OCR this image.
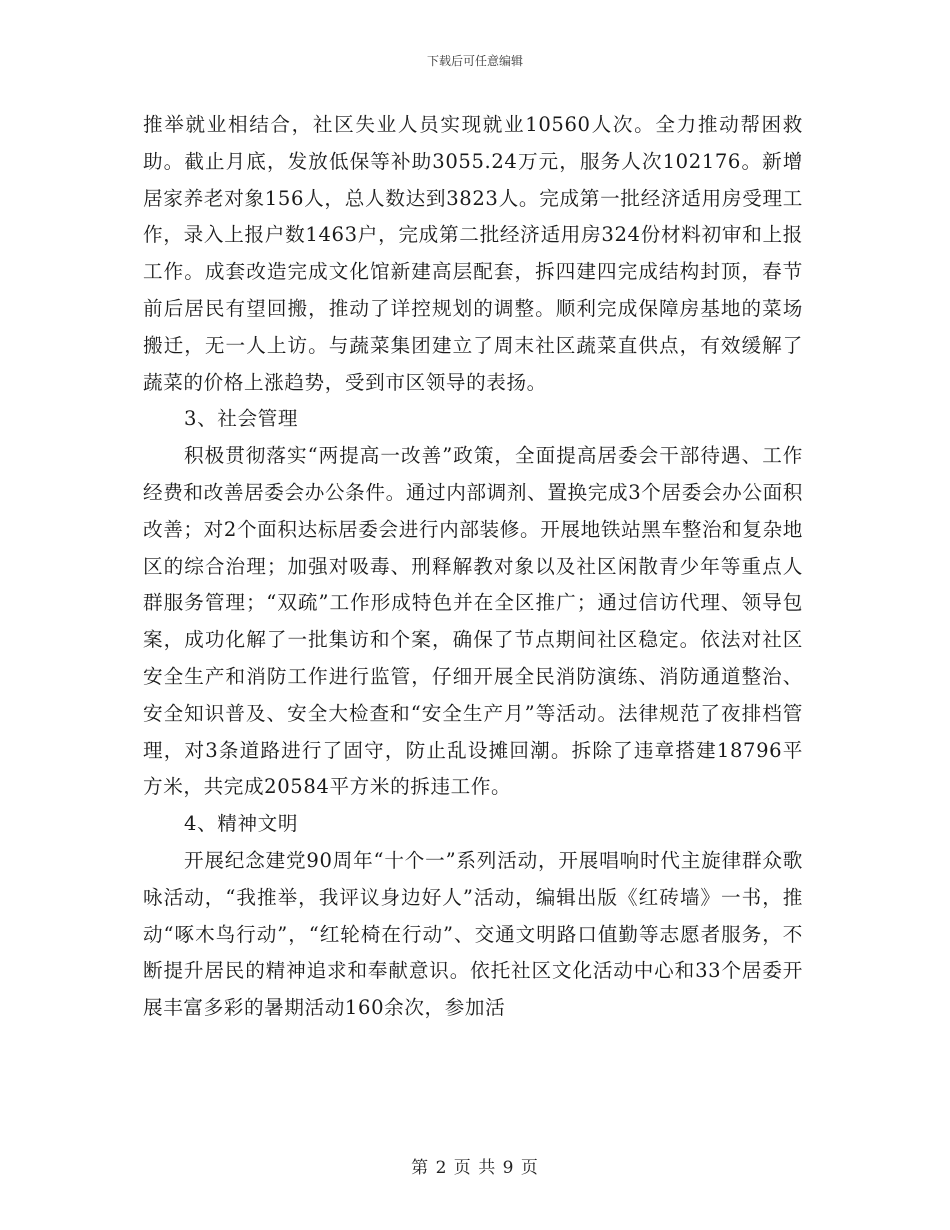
下载后可任意编辑

推举就业相结合，社区失业人员实现就业10560人次。全力推动帮困救助。截止月底，发放低保等补助3055.24万元，服务人次102176。新增居家养老对象156人，总人数达到3823人。完成第一批经济适用房受理工作，录入上报户数1463户，完成第二批经济适用房324份材料初审和上报工作。成套改造完成文化馆新建高层配套，拆四建四完成结构封顶，春节前后居民有望回搬，推动了详控规划的调整。顺利完成保障房基地的菜场搬迁，无一人上访。与蔬菜集团建立了周末社区蔬菜直供点，有效缓解了蔬菜的价格上涨趋势，受到市区领导的表扬。

3、社会管理

积极贯彻落实“两提高一改善”政策，全面提高居委会干部待遇、工作经费和改善居委会办公条件。通过内部调剂、置换完成3个居委会办公面积改善；对2个面积达标居委会进行内部装修。开展地铁站黑车整治和复杂地区的综合治理；加强对吸毒、刑释解教对象以及社区闲散青少年等重点人群服务管理；“双疏”工作形成特色并在全区推广；通过信访代理、领导包案，成功化解了一批集访和个案，确保了节点期间社区稳定。依法对社区安全生产和消防工作进行监管，仔细开展全民消防演练、消防通道整治、安全知识普及、安全大检查和“安全生产月”等活动。法律规范了夜排档管理，对3条道路进行了固守，防止乱设摊回潮。拆除了违章搭建18796平方米，共完成20584平方米的拆违工作。

4、精神文明

开展纪念建党90周年“十个一”系列活动，开展唱响时代主旋律群众歌咏活动，“我推举，我评议身边好人”活动，编辑出版《红砖墙》一书，推动“啄木鸟行动”，“红轮椅在行动”、交通文明路口值勤等志愿者服务，不断提升居民的精神追求和奉献意识。依托社区文化活动中心和33个居委开展丰富多彩的暑期活动160余次，参加活

第 2 页 共 9 页
